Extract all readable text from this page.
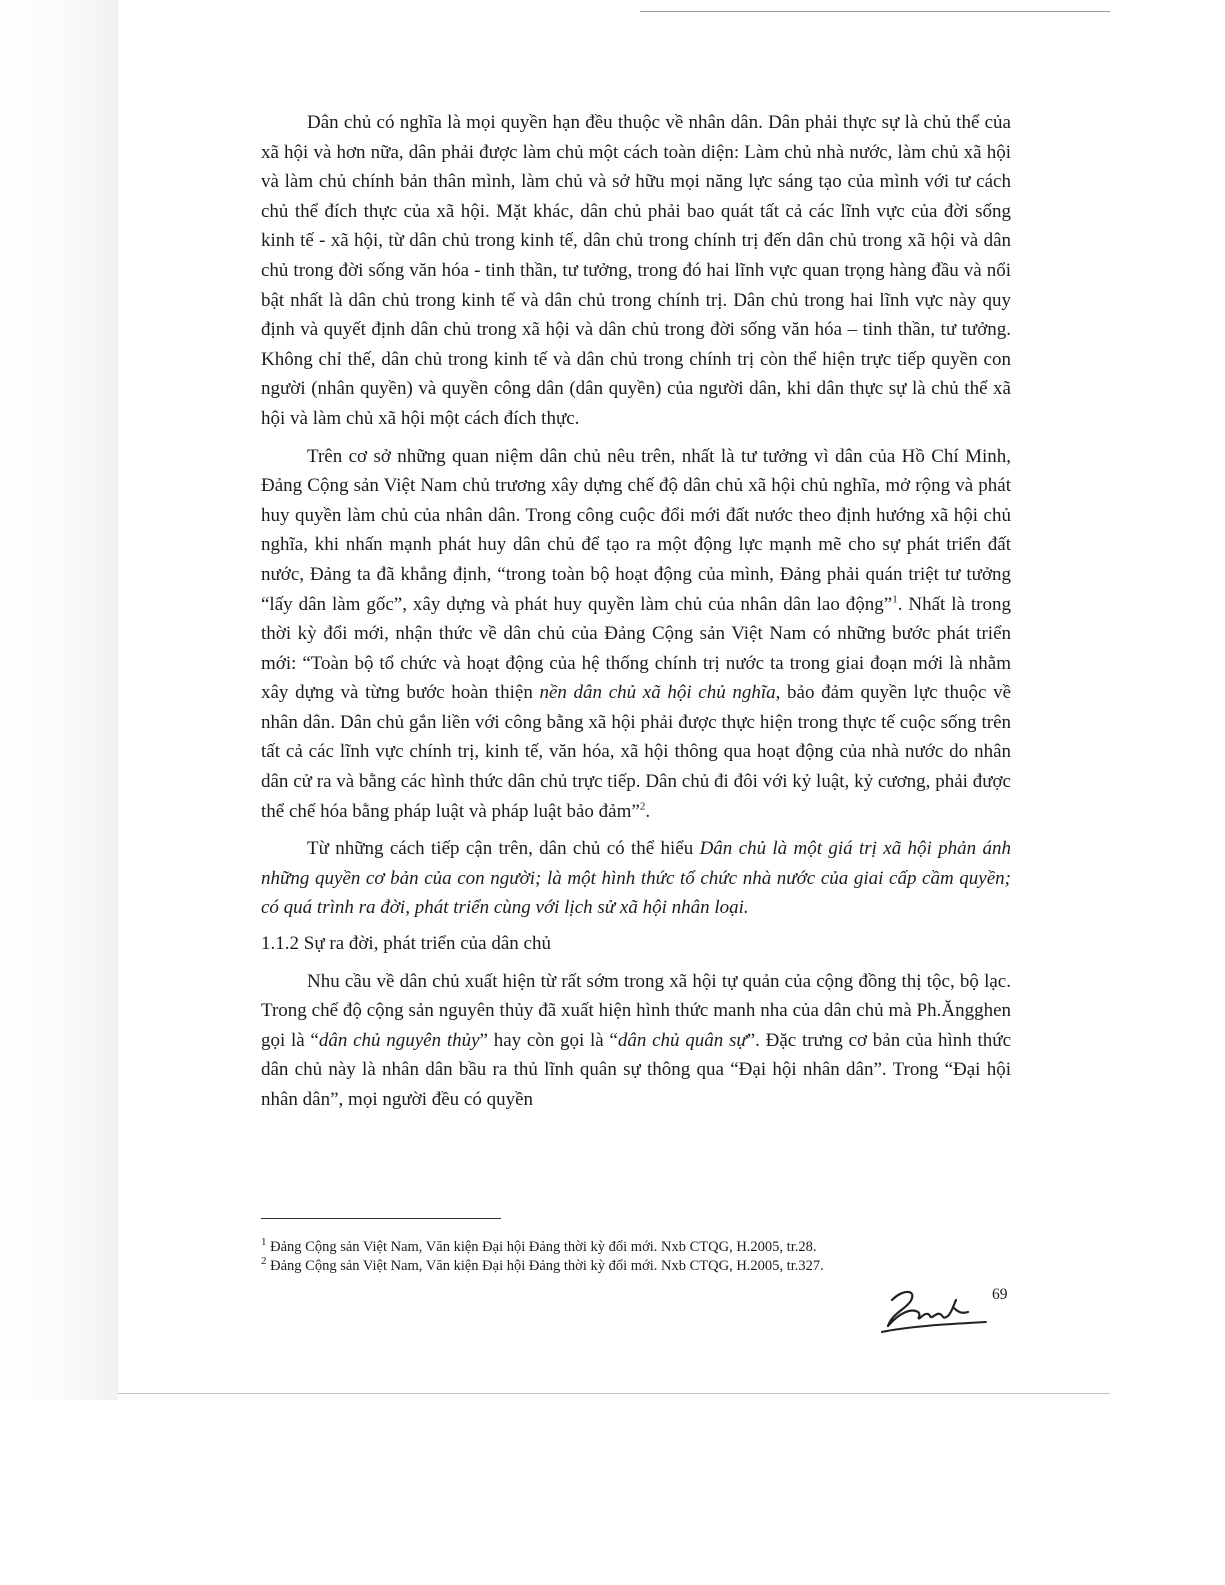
Dân chủ có nghĩa là mọi quyền hạn đều thuộc về nhân dân. Dân phải thực sự là chủ thể của xã hội và hơn nữa, dân phải được làm chủ một cách toàn diện: Làm chủ nhà nước, làm chủ xã hội và làm chủ chính bản thân mình, làm chủ và sở hữu mọi năng lực sáng tạo của mình với tư cách chủ thể đích thực của xã hội. Mặt khác, dân chủ phải bao quát tất cả các lĩnh vực của đời sống kinh tế - xã hội, từ dân chủ trong kinh tế, dân chủ trong chính trị đến dân chủ trong xã hội và dân chủ trong đời sống văn hóa - tinh thần, tư tưởng, trong đó hai lĩnh vực quan trọng hàng đầu và nổi bật nhất là dân chủ trong kinh tế và dân chủ trong chính trị. Dân chủ trong hai lĩnh vực này quy định và quyết định dân chủ trong xã hội và dân chủ trong đời sống văn hóa – tinh thần, tư tưởng. Không chỉ thế, dân chủ trong kinh tế và dân chủ trong chính trị còn thể hiện trực tiếp quyền con người (nhân quyền) và quyền công dân (dân quyền) của người dân, khi dân thực sự là chủ thể xã hội và làm chủ xã hội một cách đích thực.

Trên cơ sở những quan niệm dân chủ nêu trên, nhất là tư tưởng vì dân của Hồ Chí Minh, Đảng Cộng sản Việt Nam chủ trương xây dựng chế độ dân chủ xã hội chủ nghĩa, mở rộng và phát huy quyền làm chủ của nhân dân. Trong công cuộc đổi mới đất nước theo định hướng xã hội chủ nghĩa, khi nhấn mạnh phát huy dân chủ để tạo ra một động lực mạnh mẽ cho sự phát triển đất nước, Đảng ta đã khẳng định, “trong toàn bộ hoạt động của mình, Đảng phải quán triệt tư tưởng “lấy dân làm gốc”, xây dựng và phát huy quyền làm chủ của nhân dân lao động”$^1$. Nhất là trong thời kỳ đổi mới, nhận thức về dân chủ của Đảng Cộng sản Việt Nam có những bước phát triển mới: “Toàn bộ tổ chức và hoạt động của hệ thống chính trị nước ta trong giai đoạn mới là nhằm xây dựng và từng bước hoàn thiện nền dân chủ xã hội chủ nghĩa, bảo đảm quyền lực thuộc về nhân dân. Dân chủ gắn liền với công bằng xã hội phải được thực hiện trong thực tế cuộc sống trên tất cả các lĩnh vực chính trị, kinh tế, văn hóa, xã hội thông qua hoạt động của nhà nước do nhân dân cử ra và bằng các hình thức dân chủ trực tiếp. Dân chủ đi đôi với kỷ luật, kỷ cương, phải được thể chế hóa bằng pháp luật và pháp luật bảo đảm”$^2$.

Từ những cách tiếp cận trên, dân chủ có thể hiểu Dân chủ là một giá trị xã hội phản ánh những quyền cơ bản của con người; là một hình thức tổ chức nhà nước của giai cấp cầm quyền; có quá trình ra đời, phát triển cùng với lịch sử xã hội nhân loại.

1.1.2 Sự ra đời, phát triển của dân chủ

Nhu cầu về dân chủ xuất hiện từ rất sớm trong xã hội tự quản của cộng đồng thị tộc, bộ lạc. Trong chế độ cộng sản nguyên thủy đã xuất hiện hình thức manh nha của dân chủ mà Ph.Ăngghen gọi là “dân chủ nguyên thủy” hay còn gọi là “dân chủ quân sự”. Đặc trưng cơ bản của hình thức dân chủ này là nhân dân bầu ra thủ lĩnh quân sự thông qua “Đại hội nhân dân”. Trong “Đại hội nhân dân”, mọi người đều có quyền

$^1$ Đảng Cộng sản Việt Nam, Văn kiện Đại hội Đảng thời kỳ đổi mới. Nxb CTQG, H.2005, tr.28.
$^2$ Đảng Cộng sản Việt Nam, Văn kiện Đại hội Đảng thời kỳ đổi mới. Nxb CTQG, H.2005, tr.327.
69
